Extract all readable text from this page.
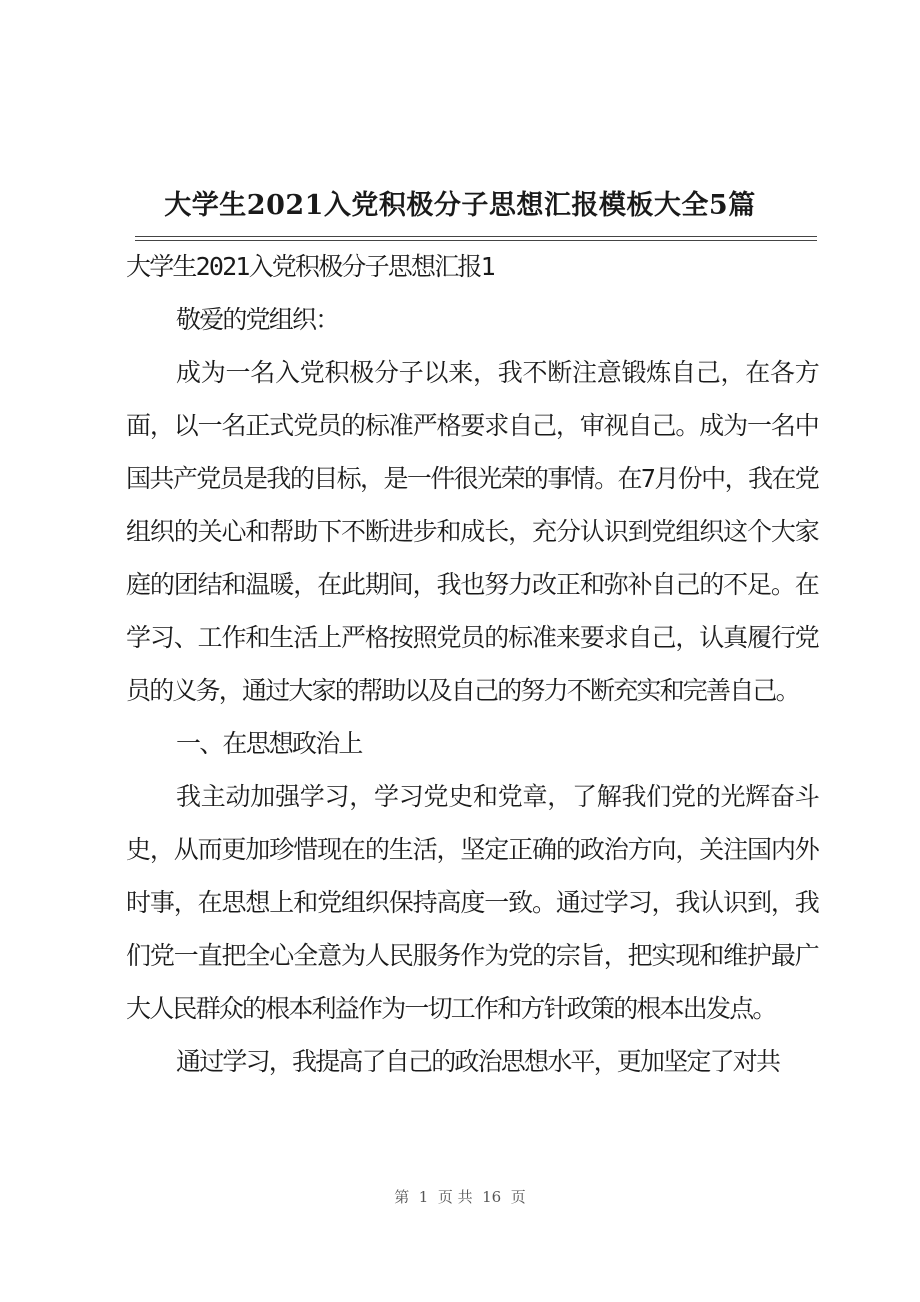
大学生2021入党积极分子思想汇报模板大全5篇

大学生2021入党积极分子思想汇报1

敬爱的党组织：

成为一名入党积极分子以来，我不断注意锻炼自己，在各方面，以一名正式党员的标准严格要求自己，审视自己。成为一名中国共产党员是我的目标，是一件很光荣的事情。在7月份中，我在党组织的关心和帮助下不断进步和成长，充分认识到党组织这个大家庭的团结和温暖，在此期间，我也努力改正和弥补自己的不足。在学习、工作和生活上严格按照党员的标准来要求自己，认真履行党员的义务，通过大家的帮助以及自己的努力不断充实和完善自己。

一、在思想政治上

我主动加强学习，学习党史和党章，了解我们党的光辉奋斗史，从而更加珍惜现在的生活，坚定正确的政治方向，关注国内外时事，在思想上和党组织保持高度一致。通过学习，我认识到，我们党一直把全心全意为人民服务作为党的宗旨，把实现和维护最广大人民群众的根本利益作为一切工作和方针政策的根本出发点。

通过学习，我提高了自己的政治思想水平，更加坚定了对共

第  1  页 共  16  页
